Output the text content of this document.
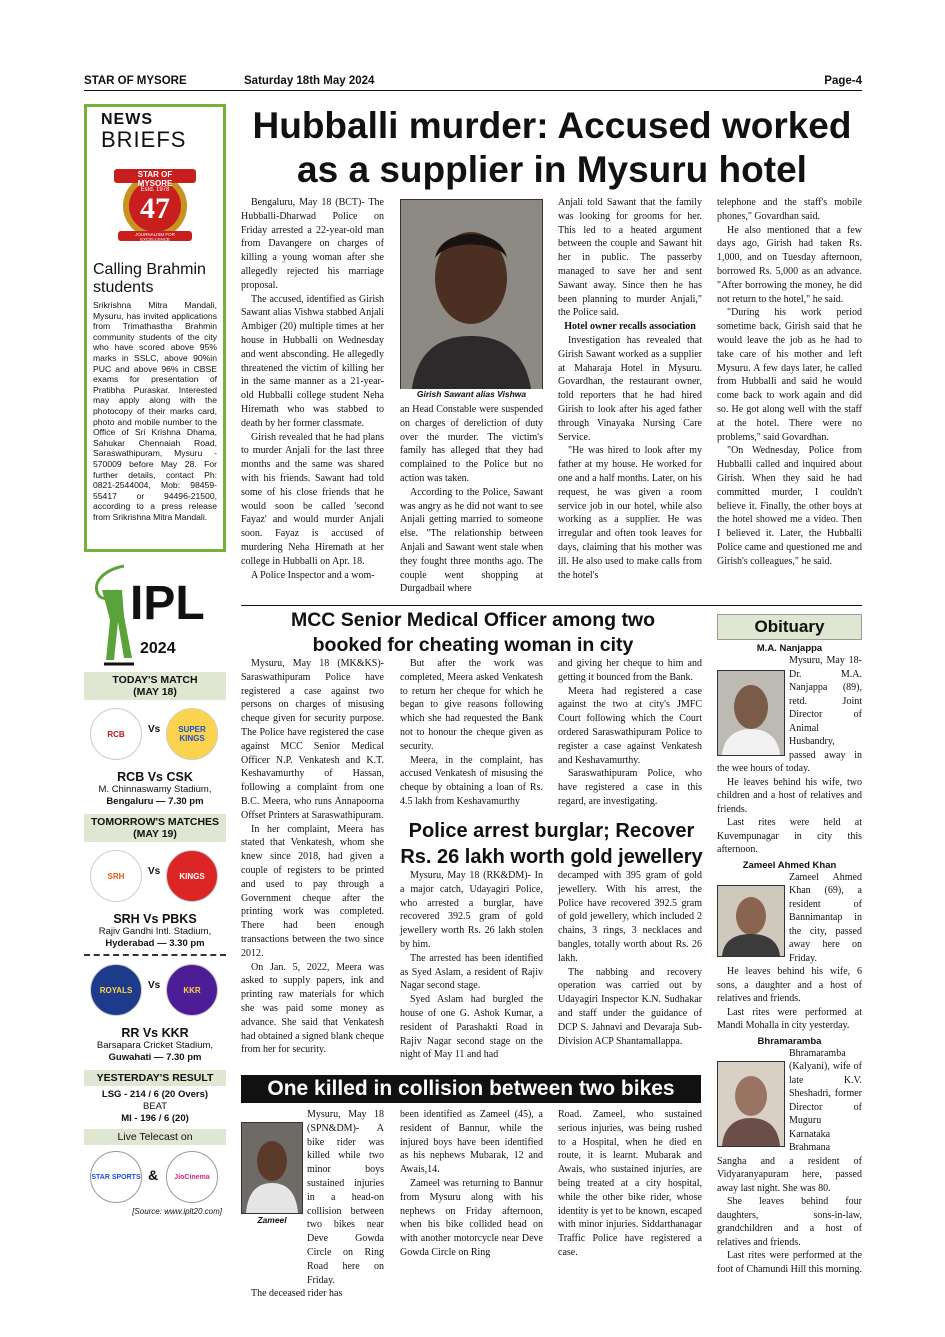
STAR OF MYSORE	Saturday 18th May 2024	Page-4
NEWS
BRIEFS
STAR OF MYSORE
Estd. 1978
47
JOURNALISM FOR EXCELLENCE
Calling Brahmin students

Srikrishna Mitra Mandali, Mysuru, has invited applications from Trimathastha Brahmin community students of the city who have scored above 95% marks in SSLC, above 90%in PUC and above 96% in CBSE exams for presentation of Pratibha Puraskar. Interested may apply along with the photocopy of their marks card, photo and mobile number to the Office of Sri Krishna Dhama, Sahukar Chennaiah Road, Saraswathipuram, Mysuru - 570009 before May 28. For further details, contact Ph: 0821-2544004, Mob: 98459-55417 or 94496-21500, according to a press release from Srikrishna Mitra Mandali.

IPL
2024
TODAY'S MATCH
(MAY 18)
RCB	Vs	SUPER KINGS
RCB Vs CSK
M. Chinnaswamy Stadium,
Bengaluru — 7.30 pm
TOMORROW'S MATCHES
(MAY 19)
SRH	Vs	KINGS
SRH Vs PBKS
Rajiv Gandhi Intl. Stadium,
Hyderabad — 3.30 pm
ROYALS	Vs	KKR
RR Vs KKR
Barsapara Cricket Stadium,
Guwahati — 7.30 pm
YESTERDAY'S RESULT
LSG - 214 / 6 (20 Overs)
BEAT
MI - 196 / 6 (20)
Live Telecast on
STAR SPORTS &	JioCinema
[Source: www.iplt20.com]
Hubballi murder: Accused worked
as a supplier in Mysuru hotel

Bengaluru, May 18 (BCT)- The Hubballi-Dharwad Police on Friday arrested a 22-year-old man from Davangere on charges of killing a young woman after she allegedly rejected his marriage proposal.

The accused, identified as Girish Sawant alias Vishwa stabbed Anjali Ambiger (20) multiple times at her house in Hubballi on Wednesday and went absconding. He allegedly threatened the victim of killing her in the same manner as a 21-year-old Hubballi college student Neha Hiremath who was stabbed to death by her former classmate.

Girish revealed that he had plans to murder Anjali for the last three months and the same was shared with his friends. Sawant had told some of his close friends that he would soon be called 'second Fayaz' and would murder Anjali soon. Fayaz is accused of murdering Neha Hiremath at her college in Hubballi on Apr. 18.

A Police Inspector and a wom-

Girish Sawant alias Vishwa

an Head Constable were suspended on charges of dereliction of duty over the murder. The victim's family has alleged that they had complained to the Police but no action was taken.

According to the Police, Sawant was angry as he did not want to see Anjali getting married to someone else. "The relationship between Anjali and Sawant went stale when they fought three months ago. The couple went shopping at Durgadbail where

Anjali told Sawant that the family was looking for grooms for her. This led to a heated argument between the couple and Sawant hit her in public. The passerby managed to save her and sent Sawant away. Since then he has been planning to murder Anjali," the Police said.

Hotel owner recalls association

Investigation has revealed that Girish Sawant worked as a supplier at Maharaja Hotel in Mysuru. Govardhan, the restaurant owner, told reporters that he had hired Girish to look after his aged father through Vinayaka Nursing Care Service.

"He was hired to look after my father at my house. He worked for one and a half months. Later, on his request, he was given a room service job in our hotel, while also working as a supplier. He was irregular and often took leaves for days, claiming that his mother was ill. He also used to make calls from the hotel's

telephone and the staff's mobile phones," Govardhan said.

He also mentioned that a few days ago, Girish had taken Rs. 1,000, and on Tuesday afternoon, borrowed Rs. 5,000 as an advance. "After borrowing the money, he did not return to the hotel," he said.

"During his work period sometime back, Girish said that he would leave the job as he had to take care of his mother and left Mysuru. A few days later, he called from Hubballi and said he would come back to work again and did so. He got along well with the staff at the hotel. There were no problems," said Govardhan.

"On Wednesday, Police from Hubballi called and inquired about Girish. When they said he had committed murder, I couldn't believe it. Finally, the other boys at the hotel showed me a video. Then I believed it. Later, the Hubballi Police came and questioned me and Girish's colleagues," he said.

MCC Senior Medical Officer among two
booked for cheating woman in city

Mysuru, May 18 (MK&KS)- Saraswathipuram Police have registered a case against two persons on charges of misusing cheque given for security purpose. The Police have registered the case against MCC Senior Medical Officer N.P. Venkatesh and K.T. Keshavamurthy of Hassan, following a complaint from one B.C. Meera, who runs Annapoorna Offset Printers at Saraswathipuram.

In her complaint, Meera has stated that Venkatesh, whom she knew since 2018, had given a couple of registers to be printed and used to pay through a Government cheque after the printing work was completed. There had been enough transactions between the two since 2012.

On Jan. 5, 2022, Meera was asked to supply papers, ink and printing raw materials for which she was paid some money as advance. She said that Venkatesh had obtained a signed blank cheque from her for security.

But after the work was completed, Meera asked Venkatesh to return her cheque for which he began to give reasons following which she had requested the Bank not to honour the cheque given as security.

Meera, in the complaint, has accused Venkatesh of misusing the cheque by obtaining a loan of Rs. 4.5 lakh from Keshavamurthy

and giving her cheque to him and getting it bounced from the Bank.

Meera had registered a case against the two at city's JMFC Court following which the Court ordered Saraswathipuram Police to register a case against Venkatesh and Keshavamurthy.

Saraswathipuram Police, who have registered a case in this regard, are investigating.

Police arrest burglar; Recover
Rs. 26 lakh worth gold jewellery

Mysuru, May 18 (RK&DM)- In a major catch, Udayagiri Police, who arrested a burglar, have recovered 392.5 gram of gold jewellery worth Rs. 26 lakh stolen by him.

The arrested has been identified as Syed Aslam, a resident of Rajiv Nagar second stage.

Syed Aslam had burgled the house of one G. Ashok Kumar, a resident of Parashakti Road in Rajiv Nagar second stage on the night of May 11 and had

decamped with 395 gram of gold jewellery. With his arrest, the Police have recovered 392.5 gram of gold jewellery, which included 2 chains, 3 rings, 3 necklaces and bangles, totally worth about Rs. 26 lakh.

The nabbing and recovery operation was carried out by Udayagiri Inspector K.N. Sudhakar and staff under the guidance of DCP S. Jahnavi and Devaraja Sub-Division ACP Shantamallappa.

One killed in collision between two bikes
Zameel

Mysuru, May 18 (SPN&DM)- A bike rider was killed while two minor boys sustained injuries in a head-on collision between two bikes near Deve Gowda Circle on Ring Road here on Friday.

The deceased rider has

been identified as Zameel (45), a resident of Bannur, while the injured boys have been identified as his nephews Mubarak, 12 and Awais,14.

Zameel was returning to Bannur from Mysuru along with his nephews on Friday afternoon, when his bike collided head on with another motorcycle near Deve Gowda Circle on Ring

Road. Zameel, who sustained serious injuries, was being rushed to a Hospital, when he died en route, it is learnt. Mubarak and Awais, who sustained injuries, are being treated at a city hospital, while the other bike rider, whose identity is yet to be known, escaped with minor injuries. Siddarthanagar Traffic Police have registered a case.

Obituary
M.A. Nanjappa

Mysuru, May 18- Dr. M.A. Nanjappa (89), retd. Joint Director of Animal Husbandry, passed away in the wee hours of today.

He leaves behind his wife, two children and a host of relatives and friends.

Last rites were held at Kuvempunagar in city this afternoon.

Zameel Ahmed Khan

Zameel Ahmed Khan (69), a resident of Bannimantap in the city, passed away here on Friday.

He leaves behind his wife, 6 sons, a daughter and a host of relatives and friends.

Last rites were performed at Mandi Mohalla in city yesterday.

Bhramaramba

Bhramaramba (Kalyani), wife of late K.V. Sheshadri, former Director of Muguru Karnataka Brahmana Sangha and a resident of Vidyaranyapuram here, passed away last night. She was 80.

She leaves behind four daughters, sons-in-law, grandchildren and a host of relatives and friends.

Last rites were performed at the foot of Chamundi Hill this morning.
